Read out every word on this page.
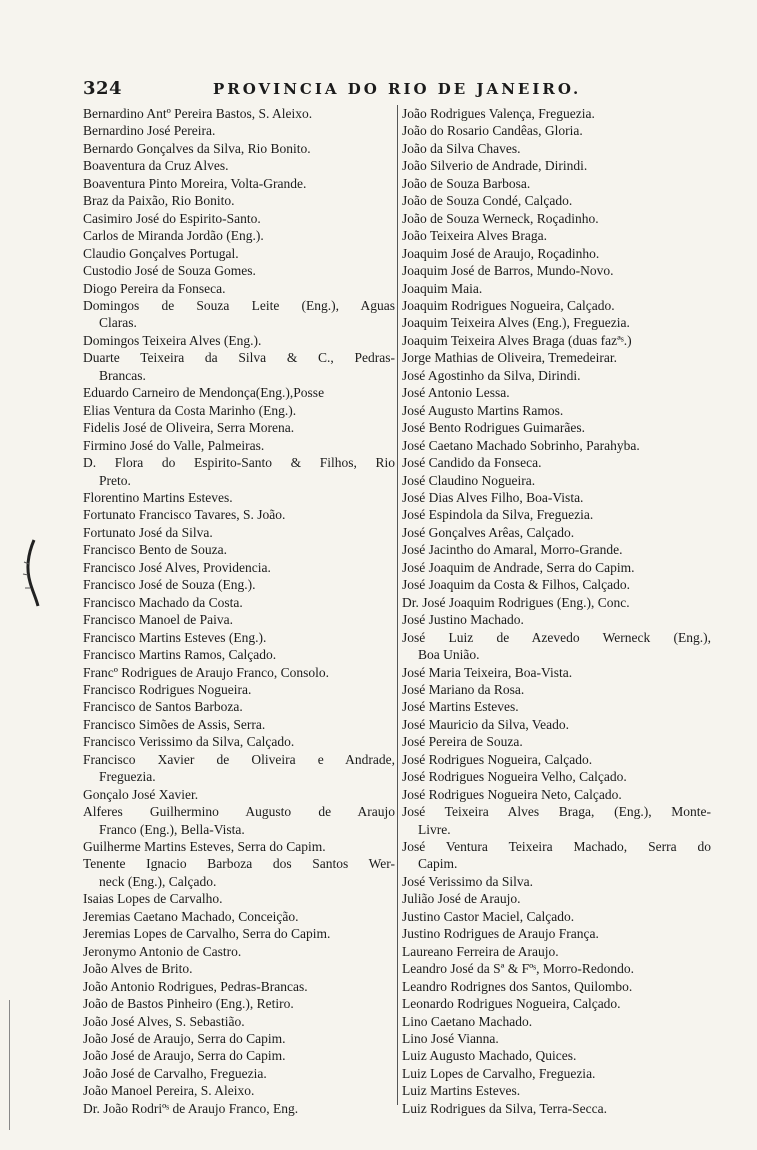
324	PROVINCIA DO RIO DE JANEIRO.
Bernardino Antº Pereira Bastos, S. Aleixo.
Bernardino José Pereira.
Bernardo Gonçalves da Silva, Rio Bonito.
Boaventura da Cruz Alves.
Boaventura Pinto Moreira, Volta-Grande.
Braz da Paixão, Rio Bonito.
Casimiro José do Espirito-Santo.
Carlos de Miranda Jordão (Eng.).
Claudio Gonçalves Portugal.
Custodio José de Souza Gomes.
Diogo Pereira da Fonseca.
Domingos de Souza Leite (Eng.), Aguas
Claras.
Domingos Teixeira Alves (Eng.).
Duarte Teixeira da Silva & C., Pedras-
Brancas.
Eduardo Carneiro de Mendonça(Eng.),Posse
Elias Ventura da Costa Marinho (Eng.).
Fidelis José de Oliveira, Serra Morena.
Firmino José do Valle, Palmeiras.
D. Flora do Espirito-Santo & Filhos, Rio
Preto.
Florentino Martins Esteves.
Fortunato Francisco Tavares, S. João.
Fortunato José da Silva.
Francisco Bento de Souza.
Francisco José Alves, Providencia.
Francisco José de Souza (Eng.).
Francisco Machado da Costa.
Francisco Manoel de Paiva.
Francisco Martins Esteves (Eng.).
Francisco Martins Ramos, Calçado.
Francº Rodrigues de Araujo Franco, Consolo.
Francisco Rodrigues Nogueira.
Francisco de Santos Barboza.
Francisco Simões de Assis, Serra.
Francisco Verissimo da Silva, Calçado.
Francisco Xavier de Oliveira e Andrade,
Freguezia.
Gonçalo José Xavier.
Alferes Guilhermino Augusto de Araujo
Franco (Eng.), Bella-Vista.
Guilherme Martins Esteves, Serra do Capim.
Tenente Ignacio Barboza dos Santos Wer-
neck (Eng.), Calçado.
Isaias Lopes de Carvalho.
Jeremias Caetano Machado, Conceição.
Jeremias Lopes de Carvalho, Serra do Capim.
Jeronymo Antonio de Castro.
João Alves de Brito.
João Antonio Rodrigues, Pedras-Brancas.
João de Bastos Pinheiro (Eng.), Retiro.
João José Alves, S. Sebastião.
João José de Araujo, Serra do Capim.
João José de Araujo, Serra do Capim.
João José de Carvalho, Freguezia.
João Manoel Pereira, S. Aleixo.
Dr. João Rodriºˢ de Araujo Franco, Eng.
João Rodrigues Valença, Freguezia.
João do Rosario Candêas, Gloria.
João da Silva Chaves.
João Silverio de Andrade, Dirindi.
João de Souza Barbosa.
João de Souza Condé, Calçado.
João de Souza Werneck, Roçadinho.
João Teixeira Alves Braga.
Joaquim José de Araujo, Roçadinho.
Joaquim José de Barros, Mundo-Novo.
Joaquim Maia.
Joaquim Rodrigues Nogueira, Calçado.
Joaquim Teixeira Alves (Eng.), Freguezia.
Joaquim Teixeira Alves Braga (duas fazªˢ.)
Jorge Mathias de Oliveira, Tremedeirar.
José Agostinho da Silva, Dirindi.
José Antonio Lessa.
José Augusto Martins Ramos.
José Bento Rodrigues Guimarães.
José Caetano Machado Sobrinho, Parahyba.
José Candido da Fonseca.
José Claudino Nogueira.
José Dias Alves Filho, Boa-Vista.
José Espindola da Silva, Freguezia.
José Gonçalves Arêas, Calçado.
José Jacintho do Amaral, Morro-Grande.
José Joaquim de Andrade, Serra do Capim.
José Joaquim da Costa & Filhos, Calçado.
Dr. José Joaquim Rodrigues (Eng.), Conc.
José Justino Machado.
José Luiz de Azevedo Werneck (Eng.),
Boa União.
José Maria Teixeira, Boa-Vista.
José Mariano da Rosa.
José Martins Esteves.
José Mauricio da Silva, Veado.
José Pereira de Souza.
José Rodrigues Nogueira, Calçado.
José Rodrigues Nogueira Velho, Calçado.
José Rodrigues Nogueira Neto, Calçado.
José Teixeira Alves Braga, (Eng.), Monte-
Livre.
José Ventura Teixeira Machado, Serra do
Capim.
José Verissimo da Silva.
Julião José de Araujo.
Justino Castor Maciel, Calçado.
Justino Rodrigues de Araujo França.
Laureano Ferreira de Araujo.
Leandro José da Sª & Fºˢ, Morro-Redondo.
Leandro Rodrignes dos Santos, Quilombo.
Leonardo Rodrigues Nogueira, Calçado.
Lino Caetano Machado.
Lino José Vianna.
Luiz Augusto Machado, Quices.
Luiz Lopes de Carvalho, Freguezia.
Luiz Martins Esteves.
Luiz Rodrigues da Silva, Terra-Secca.
